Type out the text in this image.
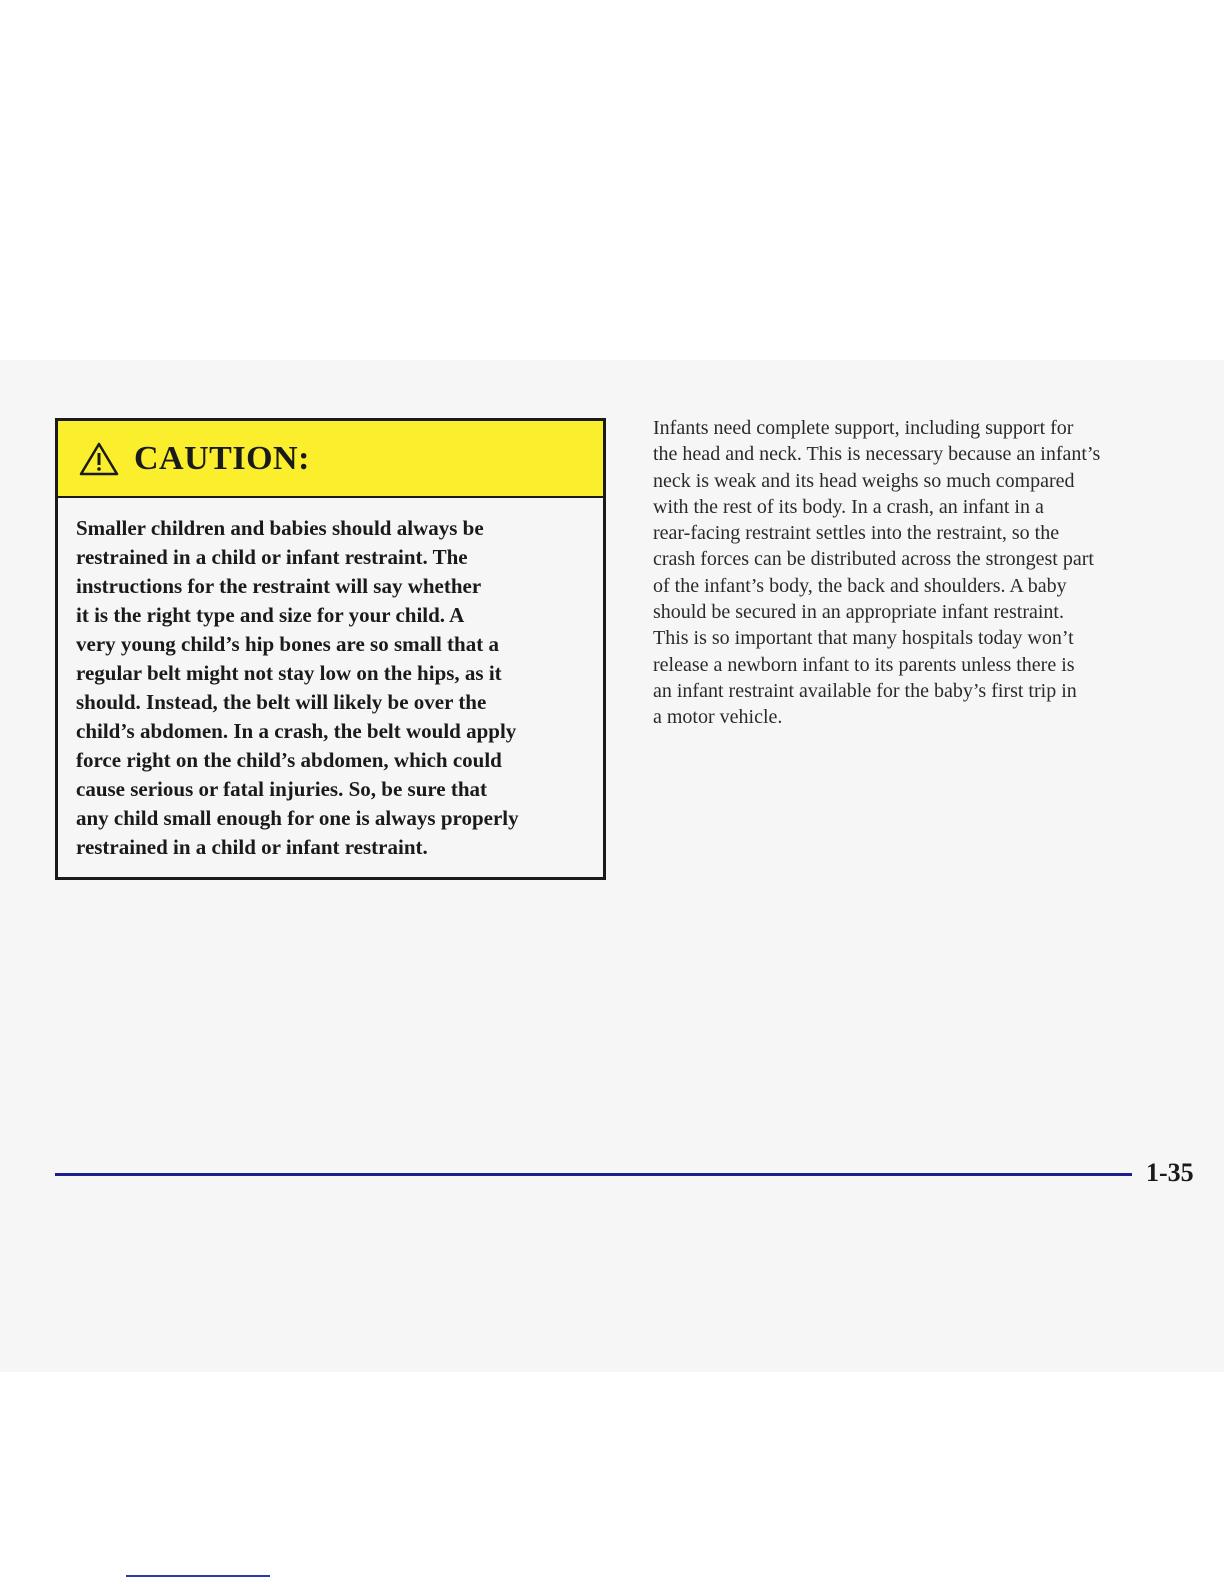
CAUTION:
Smaller children and babies should always be
restrained in a child or infant restraint. The
instructions for the restraint will say whether
it is the right type and size for your child. A
very young child’s hip bones are so small that a
regular belt might not stay low on the hips, as it
should. Instead, the belt will likely be over the
child’s abdomen. In a crash, the belt would apply
force right on the child’s abdomen, which could
cause serious or fatal injuries. So, be sure that
any child small enough for one is always properly
restrained in a child or infant restraint.
Infants need complete support, including support for
the head and neck. This is necessary because an infant’s
neck is weak and its head weighs so much compared
with the rest of its body. In a crash, an infant in a
rear-facing restraint settles into the restraint, so the
crash forces can be distributed across the strongest part
of the infant’s body, the back and shoulders. A baby
should be secured in an appropriate infant restraint.
This is so important that many hospitals today won’t
release a newborn infant to its parents unless there is
an infant restraint available for the baby’s first trip in
a motor vehicle.
1-35
